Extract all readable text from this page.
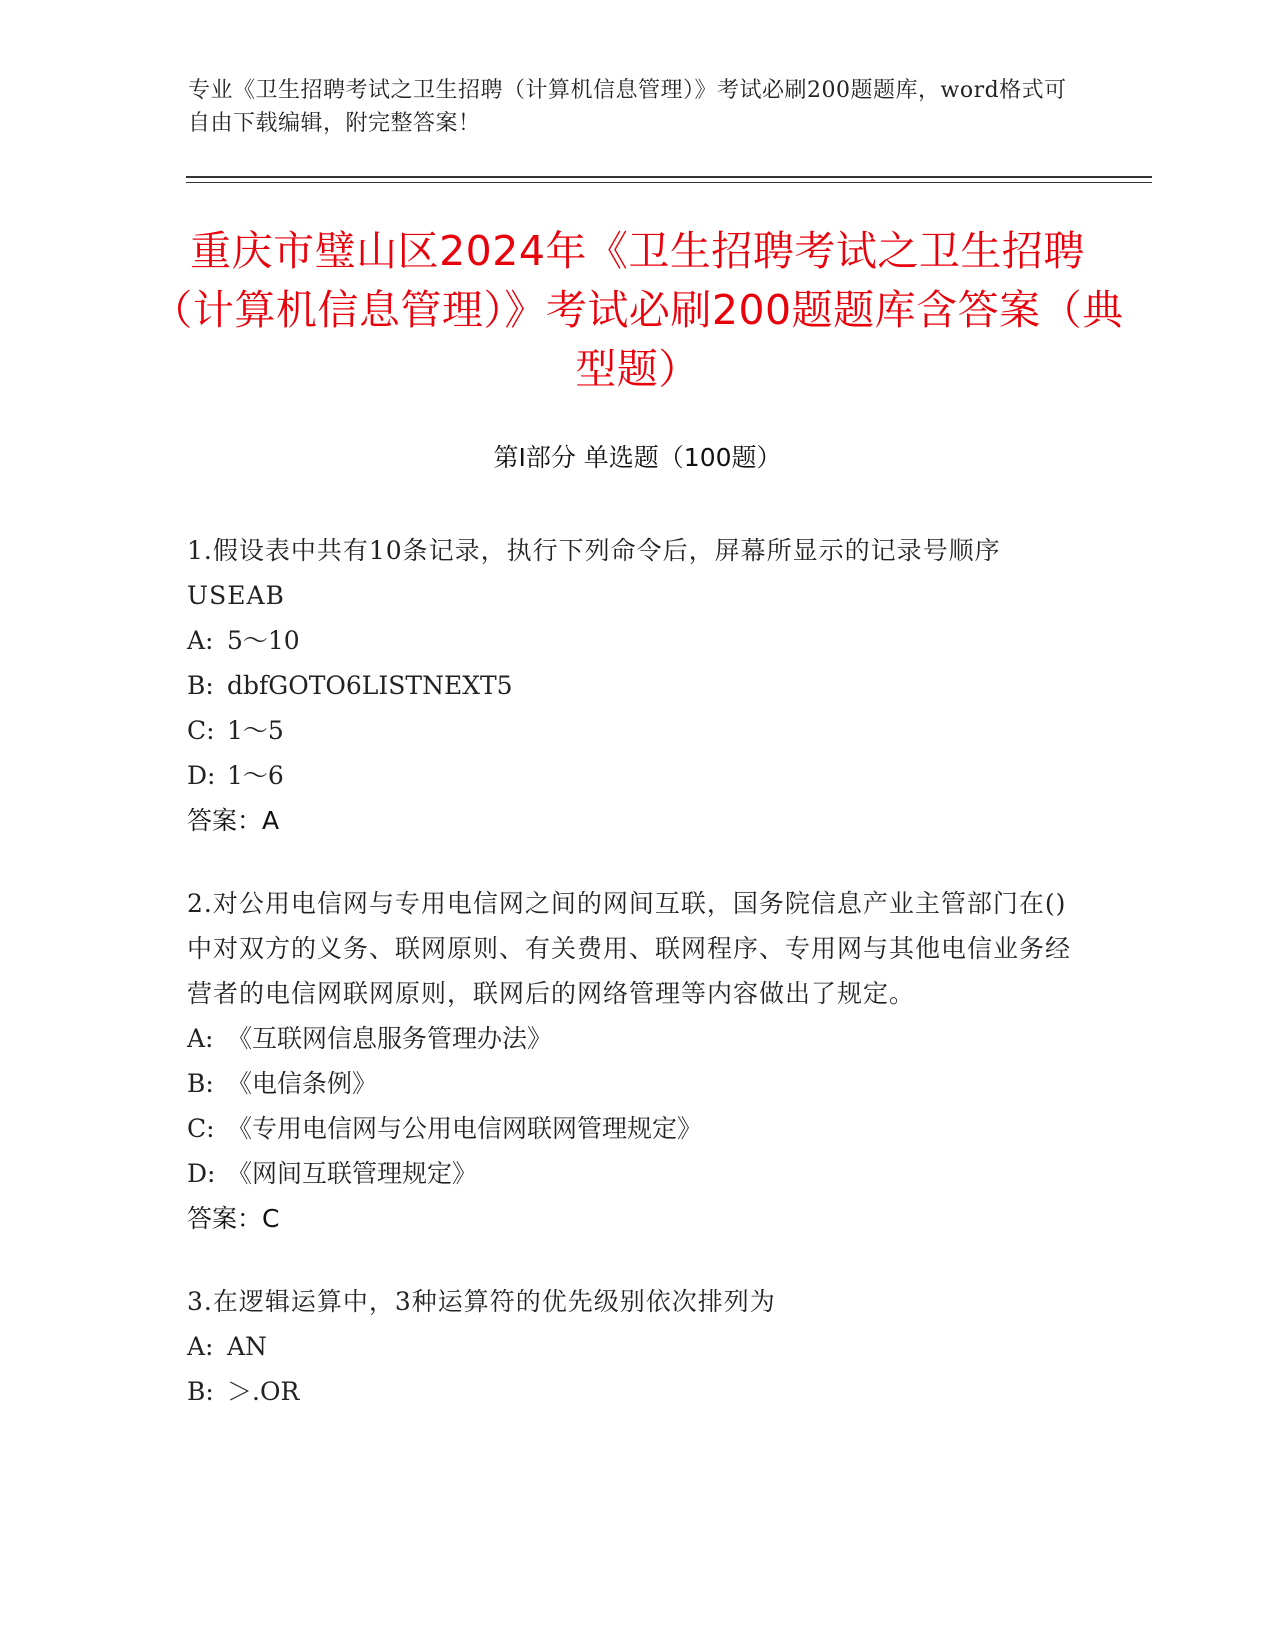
专业《卫生招聘考试之卫生招聘（计算机信息管理）》考试必刷200题题库，word格式可自由下载编辑，附完整答案！
重庆市璧山区2024年《卫生招聘考试之卫生招聘（计算机信息管理）》考试必刷200题题库含答案（典型题）
第Ⅰ部分 单选题（100题）

1.假设表中共有10条记录，执行下列命令后，屏幕所显示的记录号顺序USEAB

A: 5～10

B: dbfGOTO6LISTNEXT5

C: 1～5

D: 1～6

答案：A

2.对公用电信网与专用电信网之间的网间互联，国务院信息产业主管部门在()中对双方的义务、联网原则、有关费用、联网程序、专用网与其他电信业务经营者的电信网联网原则，联网后的网络管理等内容做出了规定。

A: 《互联网信息服务管理办法》

B: 《电信条例》

C: 《专用电信网与公用电信网联网管理规定》

D: 《网间互联管理规定》

答案：C

3.在逻辑运算中，3种运算符的优先级别依次排列为

A: AN

B: ＞.OR
